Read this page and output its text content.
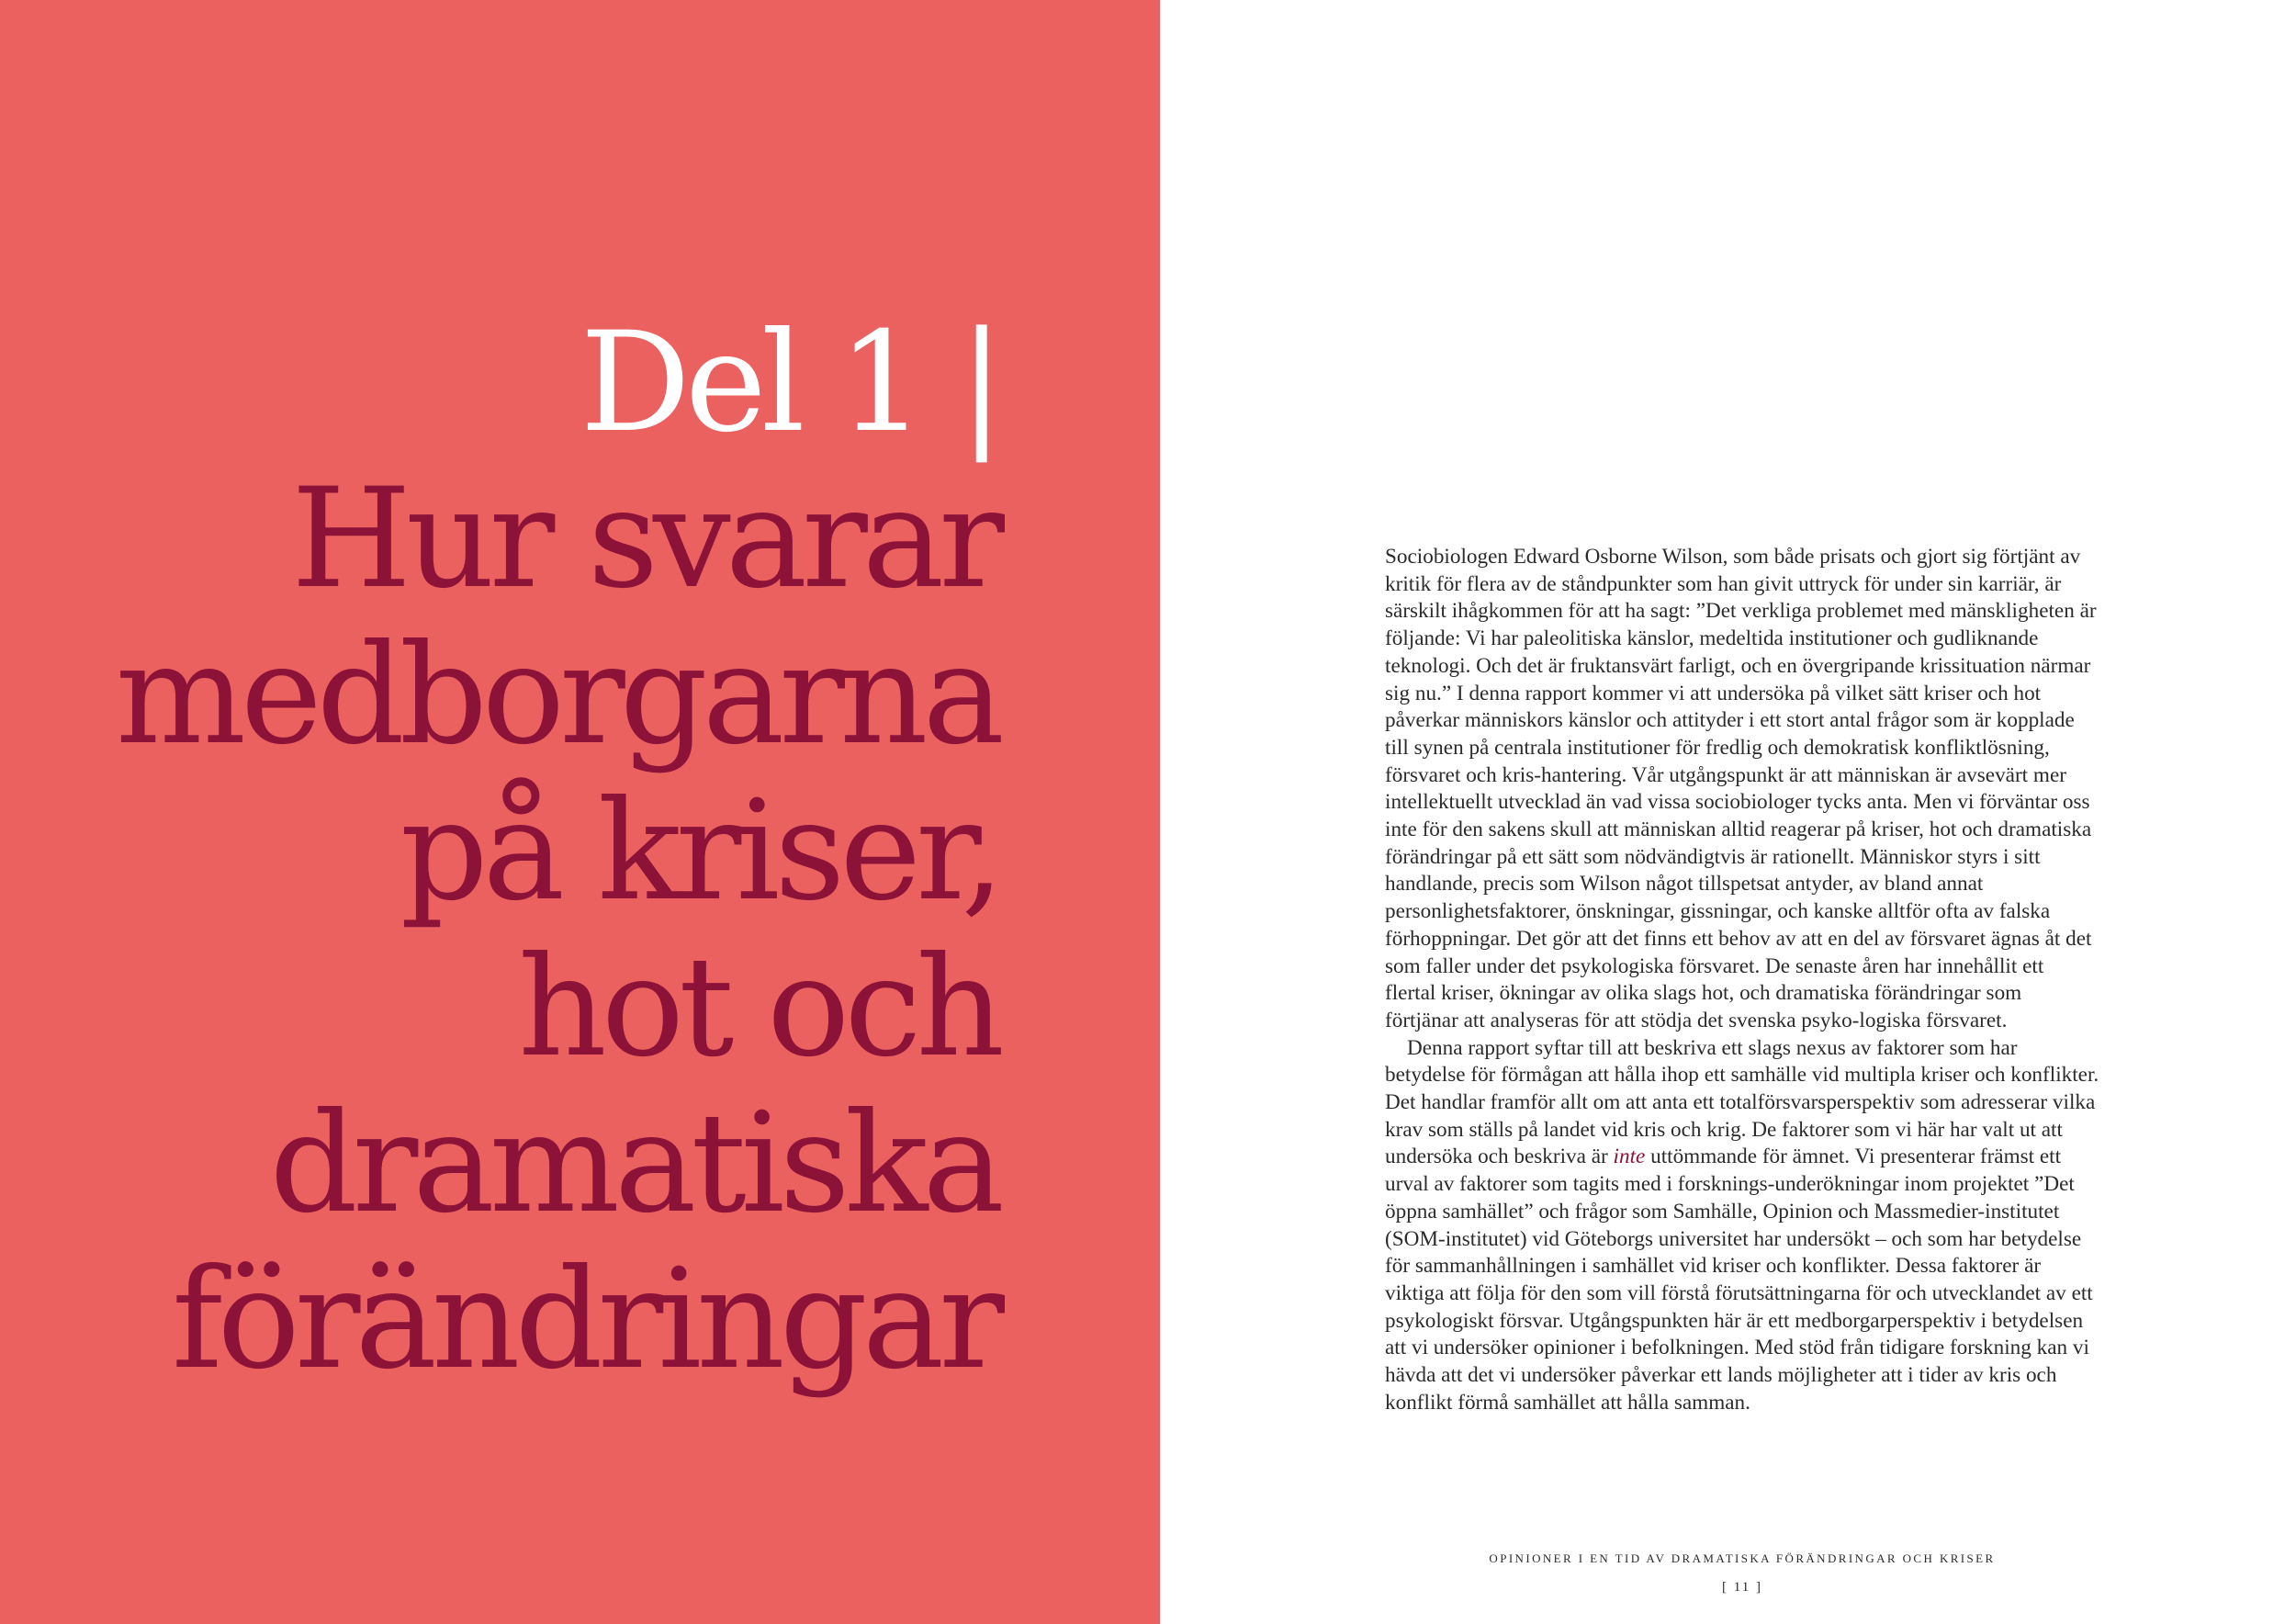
Del 1 |
Hur svarar
medborgarna
på kriser,
hot och
dramatiska
förändringar

Sociobiologen Edward Osborne Wilson, som både prisats och gjort sig förtjänt av kritik för flera av de ståndpunkter som han givit uttryck för under sin karriär, är särskilt ihågkommen för att ha sagt: ”Det verkliga problemet med mänskligheten är följande: Vi har paleolitiska känslor, medeltida institutioner och gudliknande teknologi. Och det är fruktansvärt farligt, och en övergripande krissituation närmar sig nu.” I denna rapport kommer vi att undersöka på vilket sätt kriser och hot påverkar människors känslor och attityder i ett stort antal frågor som är kopplade till synen på centrala institutioner för fredlig och demokratisk konfliktlösning, försvaret och kris-hantering. Vår utgångspunkt är att människan är avsevärt mer intellektuellt utvecklad än vad vissa sociobiologer tycks anta. Men vi förväntar oss inte för den sakens skull att människan alltid reagerar på kriser, hot och dramatiska förändringar på ett sätt som nödvändigtvis är rationellt. Människor styrs i sitt handlande, precis som Wilson något tillspetsat antyder, av bland annat personlighetsfaktorer, önskningar, gissningar, och kanske alltför ofta av falska förhoppningar. Det gör att det finns ett behov av att en del av försvaret ägnas åt det som faller under det psykologiska försvaret. De senaste åren har innehållit ett flertal kriser, ökningar av olika slags hot, och dramatiska förändringar som förtjänar att analyseras för att stödja det svenska psyko-logiska försvaret.

Denna rapport syftar till att beskriva ett slags nexus av faktorer som har betydelse för förmågan att hålla ihop ett samhälle vid multipla kriser och konflikter. Det handlar framför allt om att anta ett totalförsvarsperspektiv som adresserar vilka krav som ställs på landet vid kris och krig. De faktorer som vi här har valt ut att undersöka och beskriva är inte uttömmande för ämnet. Vi presenterar främst ett urval av faktorer som tagits med i forsknings-underökningar inom projektet ”Det öppna samhället” och frågor som Samhälle, Opinion och Massmedier-institutet (SOM-institutet) vid Göteborgs universitet har undersökt – och som har betydelse för sammanhållningen i samhället vid kriser och konflikter. Dessa faktorer är viktiga att följa för den som vill förstå förutsättningarna för och utvecklandet av ett psykologiskt försvar. Utgångspunkten här är ett medborgarperspektiv i betydelsen att vi undersöker opinioner i befolkningen. Med stöd från tidigare forskning kan vi hävda att det vi undersöker påverkar ett lands möjligheter att i tider av kris och konflikt förmå samhället att hålla samman.

OPINIONER I EN TID AV DRAMATISKA FÖRÄNDRINGAR OCH KRISER
[ 11 ]
